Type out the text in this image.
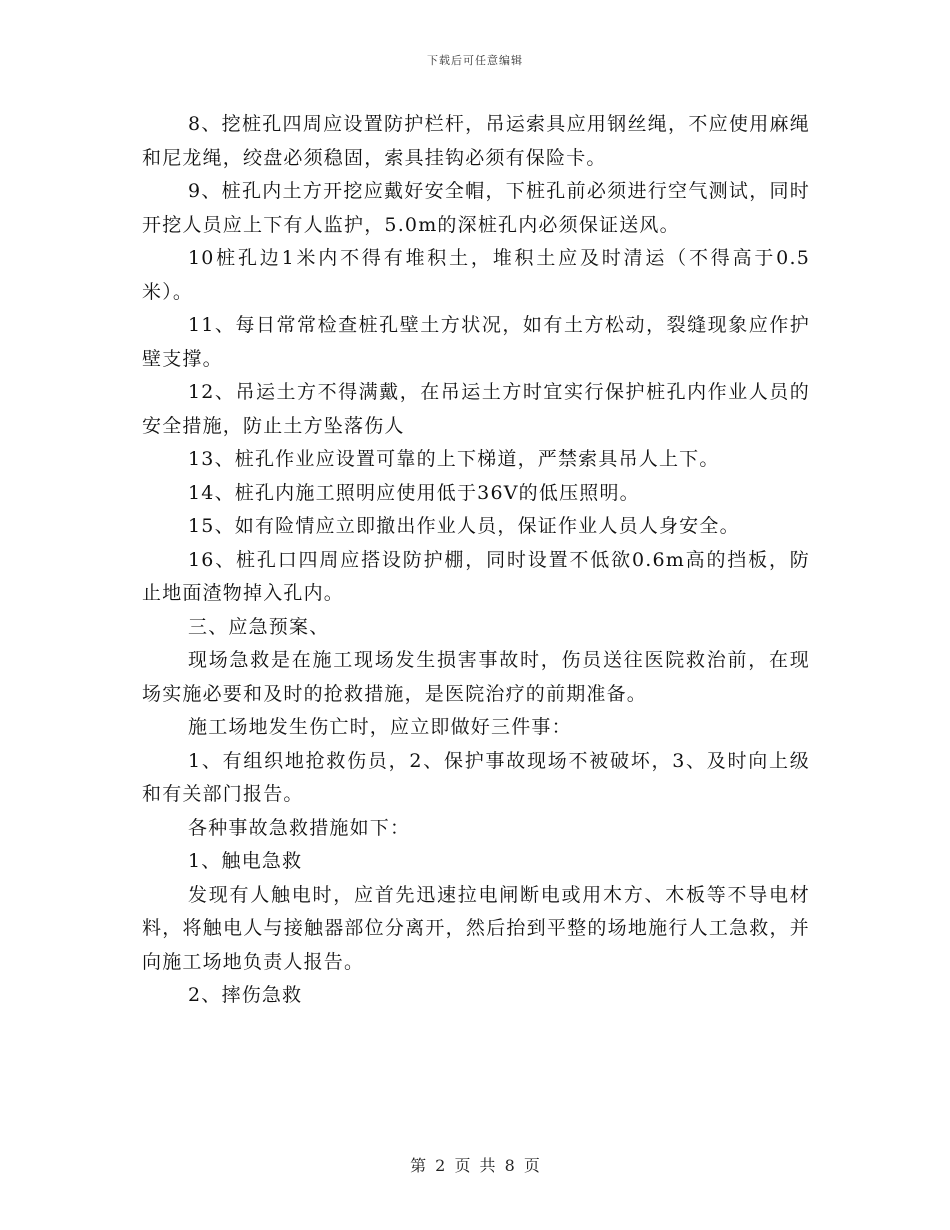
下载后可任意编辑

8、挖桩孔四周应设置防护栏杆，吊运索具应用钢丝绳，不应使用麻绳和尼龙绳，绞盘必须稳固，索具挂钩必须有保险卡。

9、桩孔内土方开挖应戴好安全帽，下桩孔前必须进行空气测试，同时开挖人员应上下有人监护，5.0m的深桩孔内必须保证送风。

10桩孔边1米内不得有堆积土，堆积土应及时清运（不得高于0.5米）。

11、每日常常检查桩孔壁土方状况，如有土方松动，裂缝现象应作护壁支撑。

12、吊运土方不得满戴，在吊运土方时宜实行保护桩孔内作业人员的安全措施，防止土方坠落伤人

13、桩孔作业应设置可靠的上下梯道，严禁索具吊人上下。

14、桩孔内施工照明应使用低于36V的低压照明。

15、如有险情应立即撤出作业人员，保证作业人员人身安全。

16、桩孔口四周应搭设防护棚，同时设置不低欲0.6m高的挡板，防止地面渣物掉入孔内。

三、应急预案、

现场急救是在施工现场发生损害事故时，伤员送往医院救治前，在现场实施必要和及时的抢救措施，是医院治疗的前期准备。

施工场地发生伤亡时，应立即做好三件事：

1、有组织地抢救伤员，2、保护事故现场不被破坏，3、及时向上级和有关部门报告。

各种事故急救措施如下：

1、触电急救

发现有人触电时，应首先迅速拉电闸断电或用木方、木板等不导电材料，将触电人与接触器部位分离开，然后抬到平整的场地施行人工急救，并向施工场地负责人报告。

2、摔伤急救

第 2 页 共 8 页
